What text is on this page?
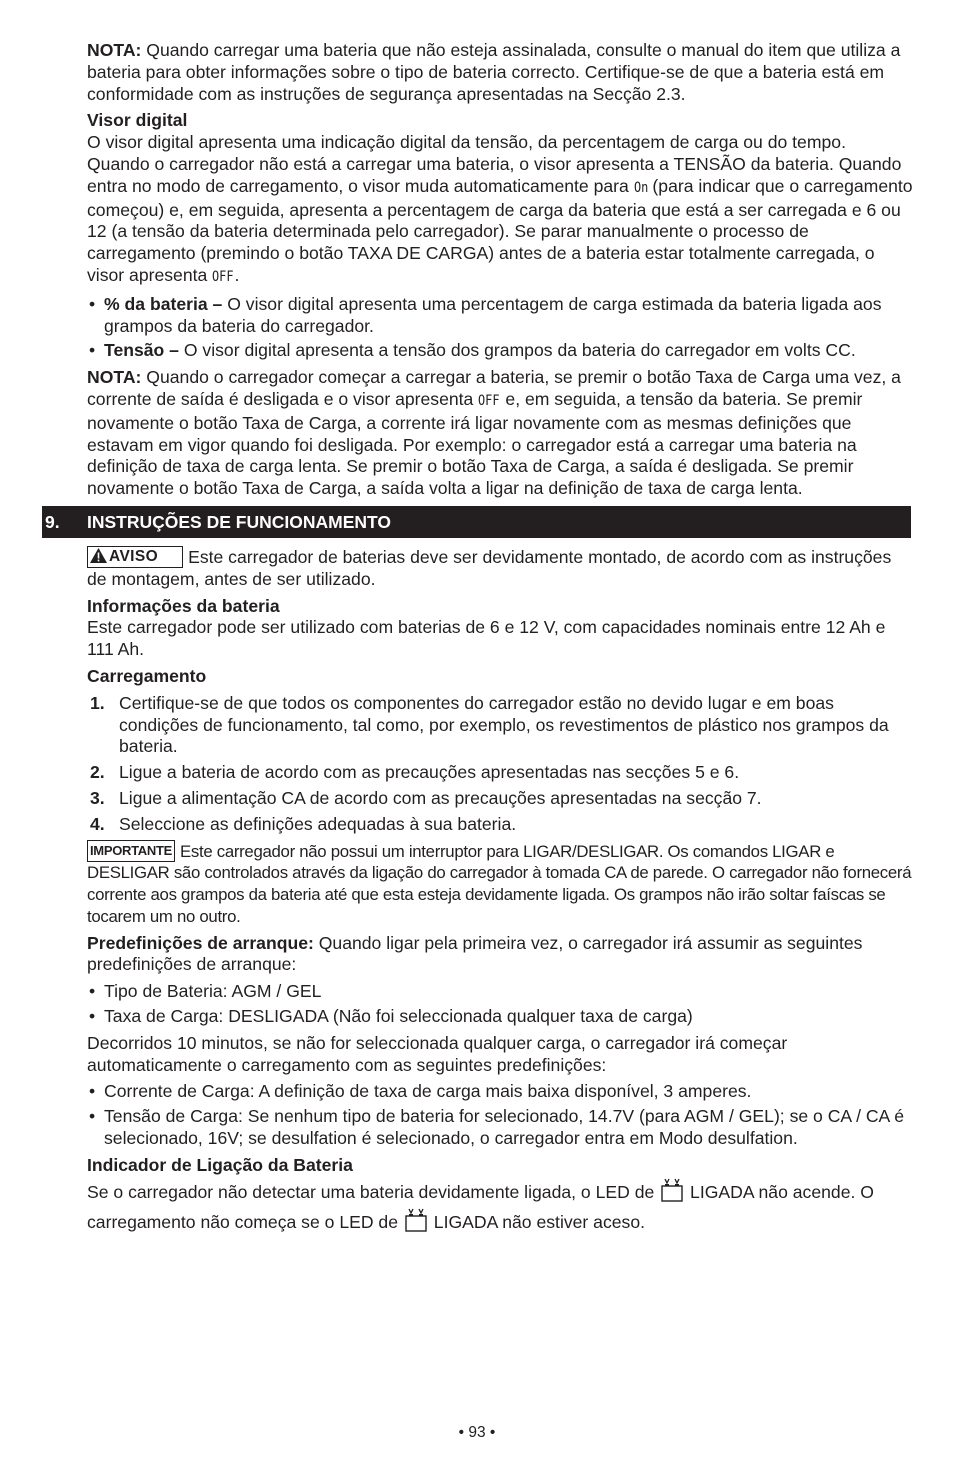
NOTA: Quando carregar uma bateria que não esteja assinalada, consulte o manual do item que utiliza a bateria para obter informações sobre o tipo de bateria correcto. Certifique-se de que a bateria está em conformidade com as instruções de segurança apresentadas na Secção 2.3.

Visor digital

O visor digital apresenta uma indicação digital da tensão, da percentagem de carga ou do tempo. Quando o carregador não está a carregar uma bateria, o visor apresenta a TENSÃO da bateria. Quando entra no modo de carregamento, o visor muda automaticamente para On (para indicar que o carregamento começou) e, em seguida, apresenta a percentagem de carga da bateria que está a ser carregada e 6 ou 12 (a tensão da bateria determinada pelo carregador). Se parar manualmente o processo de carregamento (premindo o botão TAXA DE CARGA) antes de a bateria estar totalmente carregada, o visor apresenta OFF.

• % da bateria – O visor digital apresenta uma percentagem de carga estimada da bateria ligada aos grampos da bateria do carregador.
• Tensão – O visor digital apresenta a tensão dos grampos da bateria do carregador em volts CC.

NOTA: Quando o carregador começar a carregar a bateria, se premir o botão Taxa de Carga uma vez, a corrente de saída é desligada e o visor apresenta OFF e, em seguida, a tensão da bateria. Se premir novamente o botão Taxa de Carga, a corrente irá ligar novamente com as mesmas definições que estavam em vigor quando foi desligada. Por exemplo: o carregador está a carregar uma bateria na definição de taxa de carga lenta. Se premir o botão Taxa de Carga, a saída é desligada. Se premir novamente o botão Taxa de Carga, a saída volta a ligar na definição de taxa de carga lenta.

9. INSTRUÇÕES DE FUNCIONAMENTO

AVISO Este carregador de baterias deve ser devidamente montado, de acordo com as instruções de montagem, antes de ser utilizado.

Informações da bateria

Este carregador pode ser utilizado com baterias de 6 e 12 V, com capacidades nominais entre 12 Ah e 111 Ah.

Carregamento

1. Certifique-se de que todos os componentes do carregador estão no devido lugar e em boas condições de funcionamento, tal como, por exemplo, os revestimentos de plástico nos grampos da bateria.
2. Ligue a bateria de acordo com as precauções apresentadas nas secções 5 e 6.
3. Ligue a alimentação CA de acordo com as precauções apresentadas na secção 7.
4. Seleccione as definições adequadas à sua bateria.

IMPORTANTE Este carregador não possui um interruptor para LIGAR/DESLIGAR. Os comandos LIGAR e DESLIGAR são controlados através da ligação do carregador à tomada CA de parede. O carregador não fornecerá corrente aos grampos da bateria até que esta esteja devidamente ligada. Os grampos não irão soltar faíscas se tocarem um no outro.

Predefinições de arranque: Quando ligar pela primeira vez, o carregador irá assumir as seguintes predefinições de arranque:

• Tipo de Bateria: AGM / GEL
• Taxa de Carga: DESLIGADA (Não foi seleccionada qualquer taxa de carga)

Decorridos 10 minutos, se não for seleccionada qualquer carga, o carregador irá começar automaticamente o carregamento com as seguintes predefinições:

• Corrente de Carga: A definição de taxa de carga mais baixa disponível, 3 amperes.
• Tensão de Carga: Se nenhum tipo de bateria for selecionado, 14.7V (para AGM / GEL); se o CA / CA é selecionado, 16V; se desulfation é selecionado, o carregador entra em Modo desulfation.

Indicador de Ligação da Bateria

Se o carregador não detectar uma bateria devidamente ligada, o LED de  LIGADA não acende. O carregamento não começa se o LED de  LIGADA não estiver aceso.

• 93 •
